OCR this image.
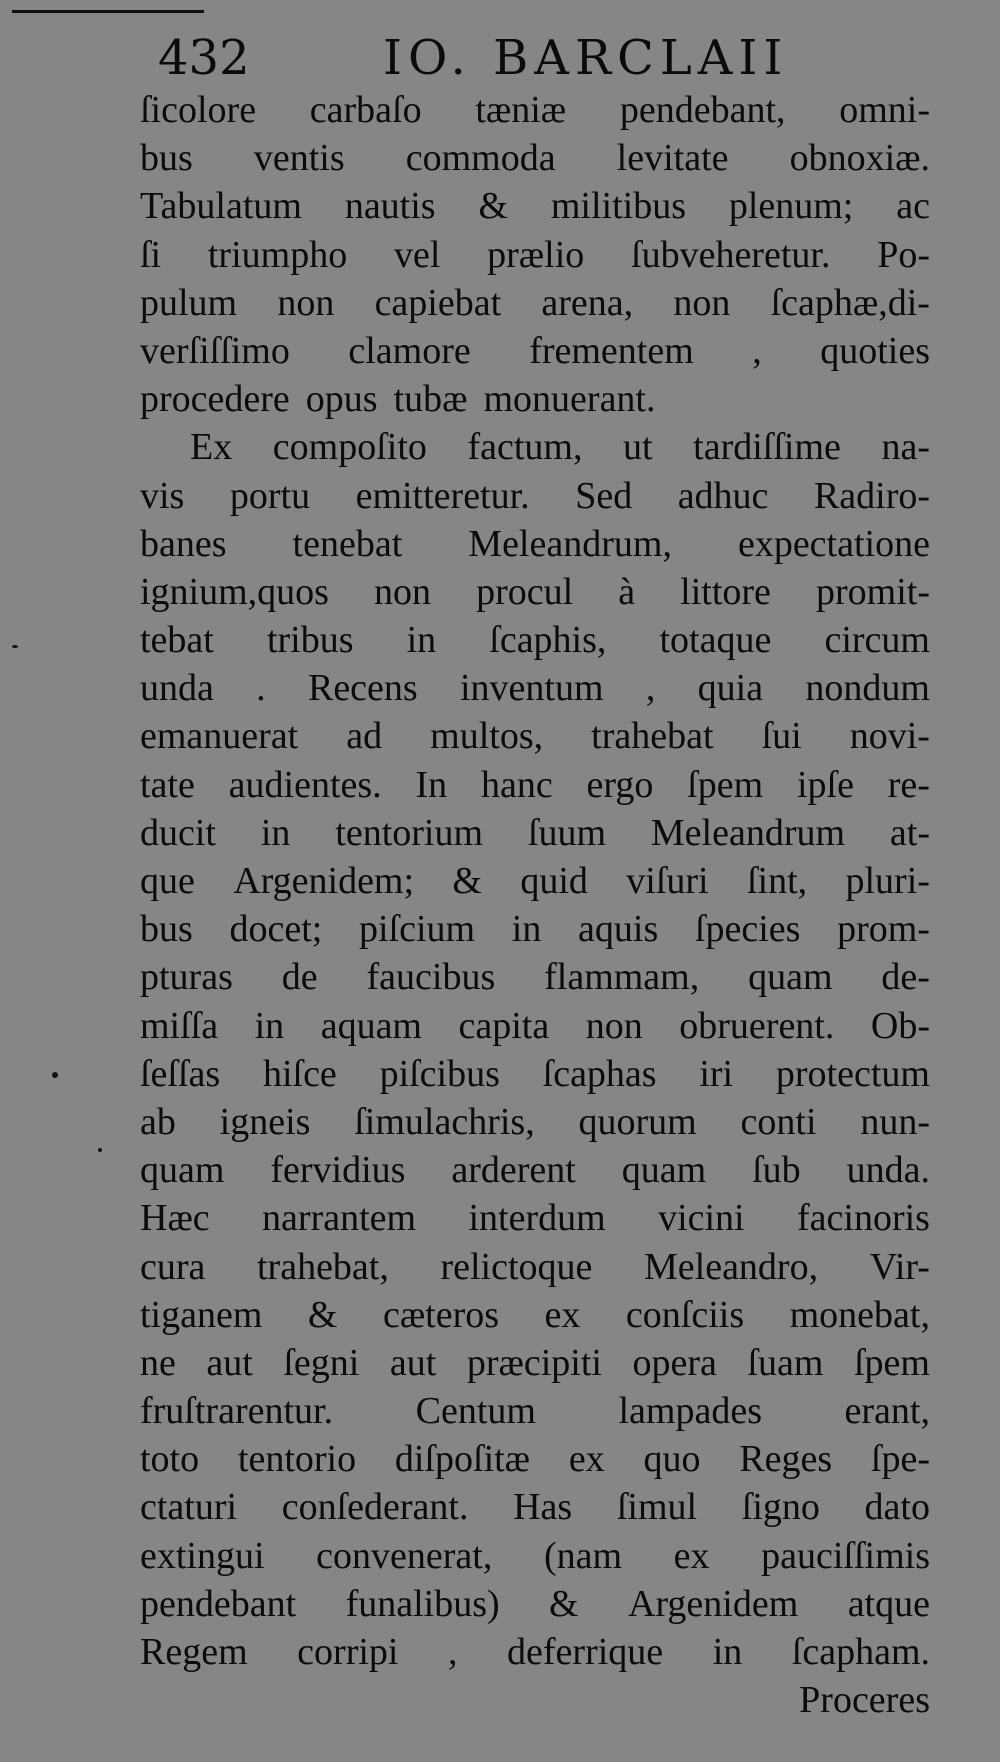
432	IO. BARCLAII
ſicolore carbaſo tæniæ pendebant, omni-
bus ventis commoda levitate obnoxiæ.
Tabulatum nautis & militibus plenum; ac
ſi triumpho vel prælio ſubveheretur. Po-
pulum non capiebat arena, non ſcaphæ,di-
verſiſſimo clamore frementem , quoties
procedere opus tubæ monuerant.
Ex compoſito factum, ut tardiſſime na-
vis portu emitteretur. Sed adhuc Radiro-
banes tenebat Meleandrum, expectatione
ignium,quos non procul à littore promit-
tebat tribus in ſcaphis, totaque circum
unda . Recens inventum , quia nondum
emanuerat ad multos, trahebat ſui novi-
tate audientes. In hanc ergo ſpem ipſe re-
ducit in tentorium ſuum Meleandrum at-
que Argenidem; & quid viſuri ſint, pluri-
bus docet; piſcium in aquis ſpecies prom-
pturas de faucibus flammam, quam de-
miſſa in aquam capita non obruerent. Ob-
ſeſſas hiſce piſcibus ſcaphas iri protectum
ab igneis ſimulachris, quorum conti nun-
quam fervidius arderent quam ſub unda.
Hæc narrantem interdum vicini facinoris
cura trahebat, relictoque Meleandro, Vir-
tiganem & cæteros ex conſciis monebat,
ne aut ſegni aut præcipiti opera ſuam ſpem
fruſtrarentur. Centum lampades erant,
toto tentorio diſpoſitæ ex quo Reges ſpe-
ctaturi conſederant. Has ſimul ſigno dato
extingui convenerat, (nam ex pauciſſimis
pendebant funalibus) & Argenidem atque
Regem corripi , deferrique in ſcapham.
Proceres
